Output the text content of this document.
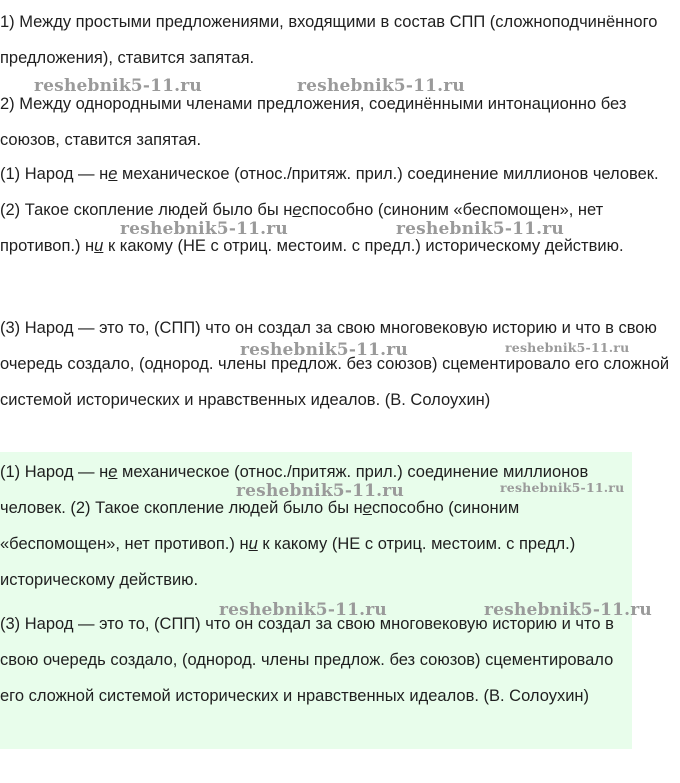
1) Между простыми предложениями, входящими в состав СПП (сложноподчинённого предложения), ставится запятая.

2) Между однородными членами предложения, соединёнными интонационно без союзов, ставится запятая.

(1) Народ — не механическое (относ./притяж. прил.) соединение миллионов человек. (2) Такое скопление людей было бы неспособно (синоним «беспомощен», нет противоп.) ни к какому (НЕ с отриц. местоим. с предл.) историческому действию.

(3) Народ — это то, (СПП) что он создал за свою многовековую историю и что в свою очередь создало, (однород. члены предлож. без союзов) сцементировало его сложной системой исторических и нравственных идеалов. (В. Солоухин)

(1) Народ — не механическое (относ./притяж. прил.) соединение миллионов человек. (2) Такое скопление людей было бы неспособно (синоним «беспомощен», нет противоп.) ни к какому (НЕ с отриц. местоим. с предл.) историческому действию.

(3) Народ — это то, (СПП) что он создал за свою многовековую историю и что в свою очередь создало, (однород. члены предлож. без союзов) сцементировало его сложной системой исторических и нравственных идеалов. (В. Солоухин)

reshebnik5-11.ru	reshebnik5-11.ru
reshebnik5-11.ru	reshebnik5-11.ru
reshebnik5-11.ru	reshebnik5-11.ru
reshebnik5-11.ru	reshebnik5-11.ru
reshebnik5-11.ru	reshebnik5-11.ru
